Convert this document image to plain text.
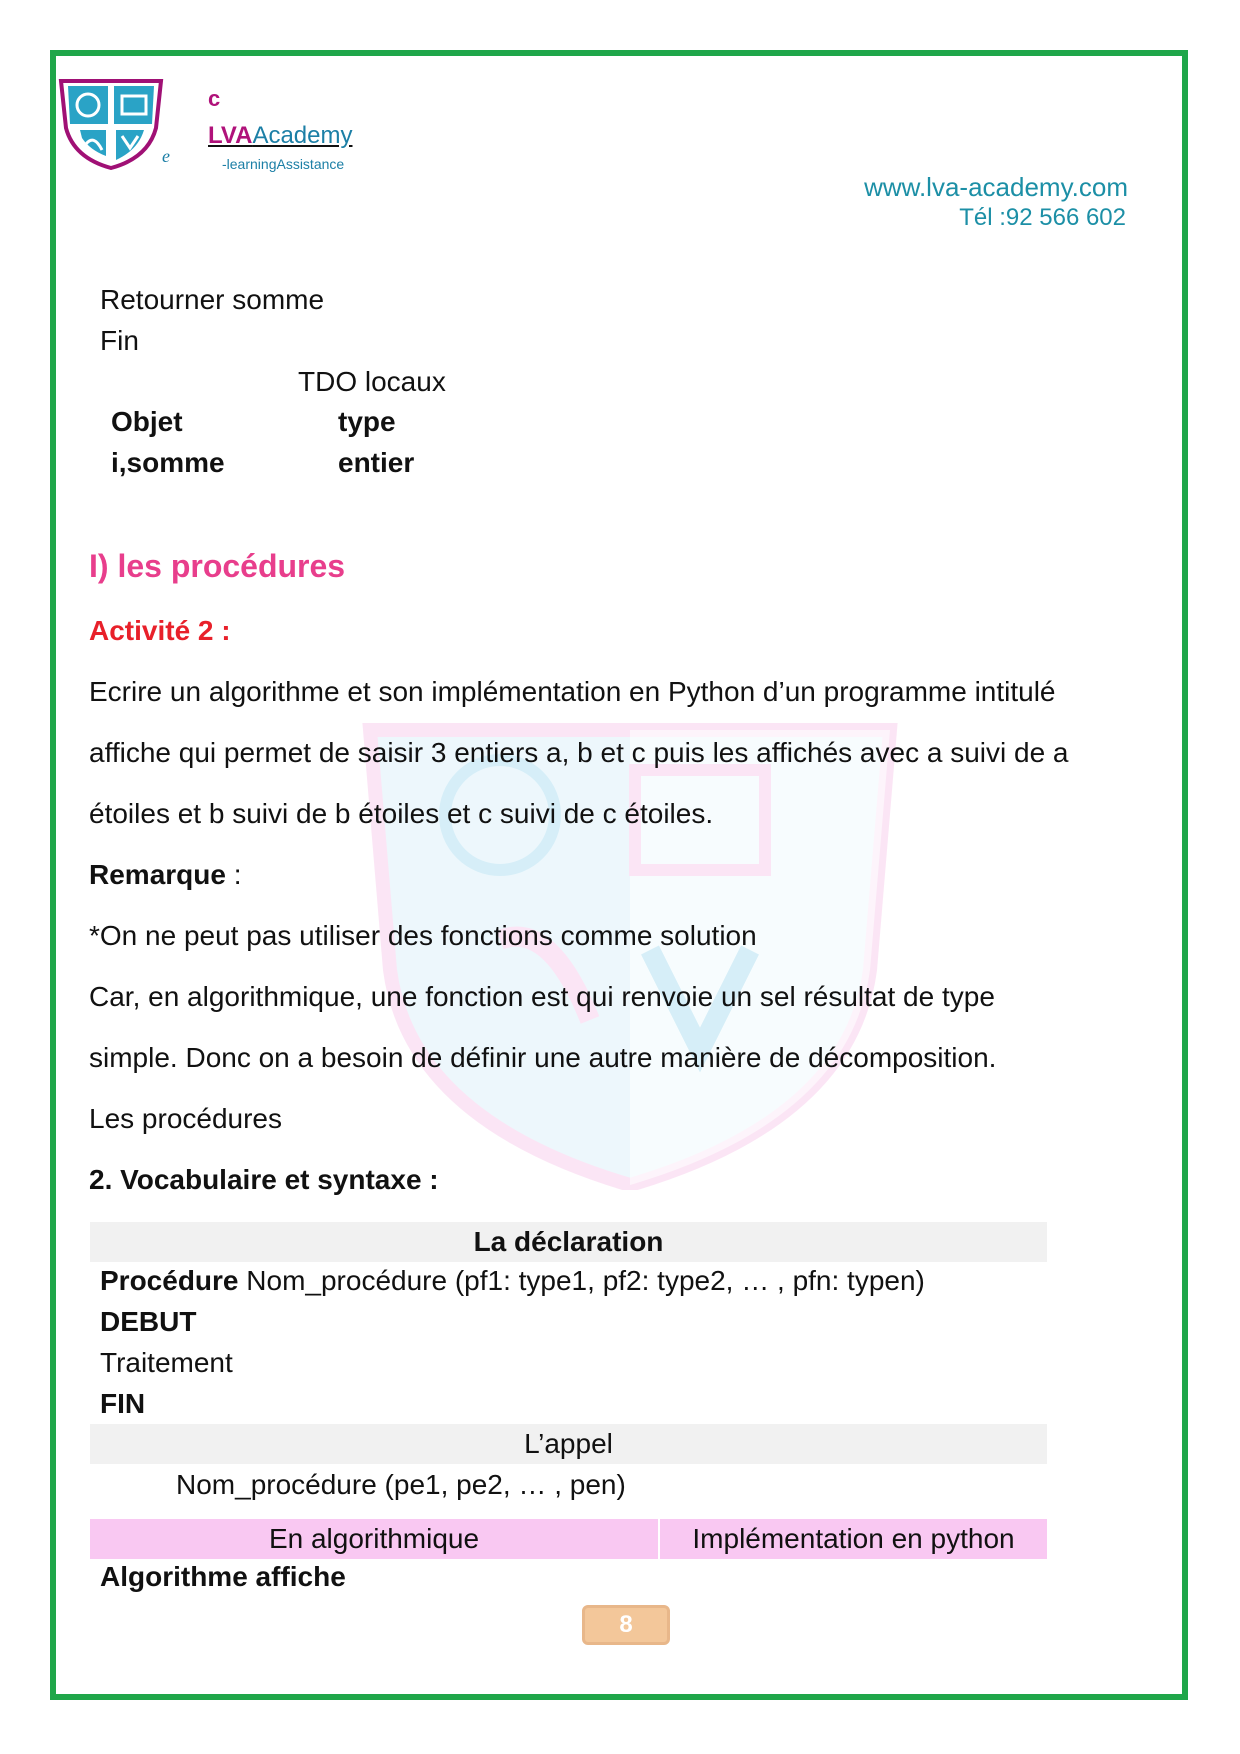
c
e
LVAAcademy
-learningAssistance
www.lva-academy.com
Tél :92 566 602
Retourner somme
Fin
TDO locaux
Objet	type
i,somme	entier
I) les procédures
Activité 2 :
Ecrire un algorithme et son implémentation en Python d’un programme intitulé
affiche qui permet de saisir 3 entiers a, b et c puis les affichés avec a suivi de a
étoiles et b suivi de b étoiles et c suivi de c étoiles.
Remarque :
*On ne peut pas utiliser des fonctions comme solution
Car, en algorithmique, une fonction est qui renvoie un sel résultat de type
simple. Donc on a besoin de définir une autre manière de décomposition.
Les procédures
2. Vocabulaire et syntaxe :
La déclaration
Procédure Nom_procédure (pf1: type1, pf2: type2, … , pfn: typen)
DEBUT
Traitement
FIN
L’appel
Nom_procédure (pe1, pe2, … , pen)
En algorithmique	Implémentation en python
Algorithme affiche
8
